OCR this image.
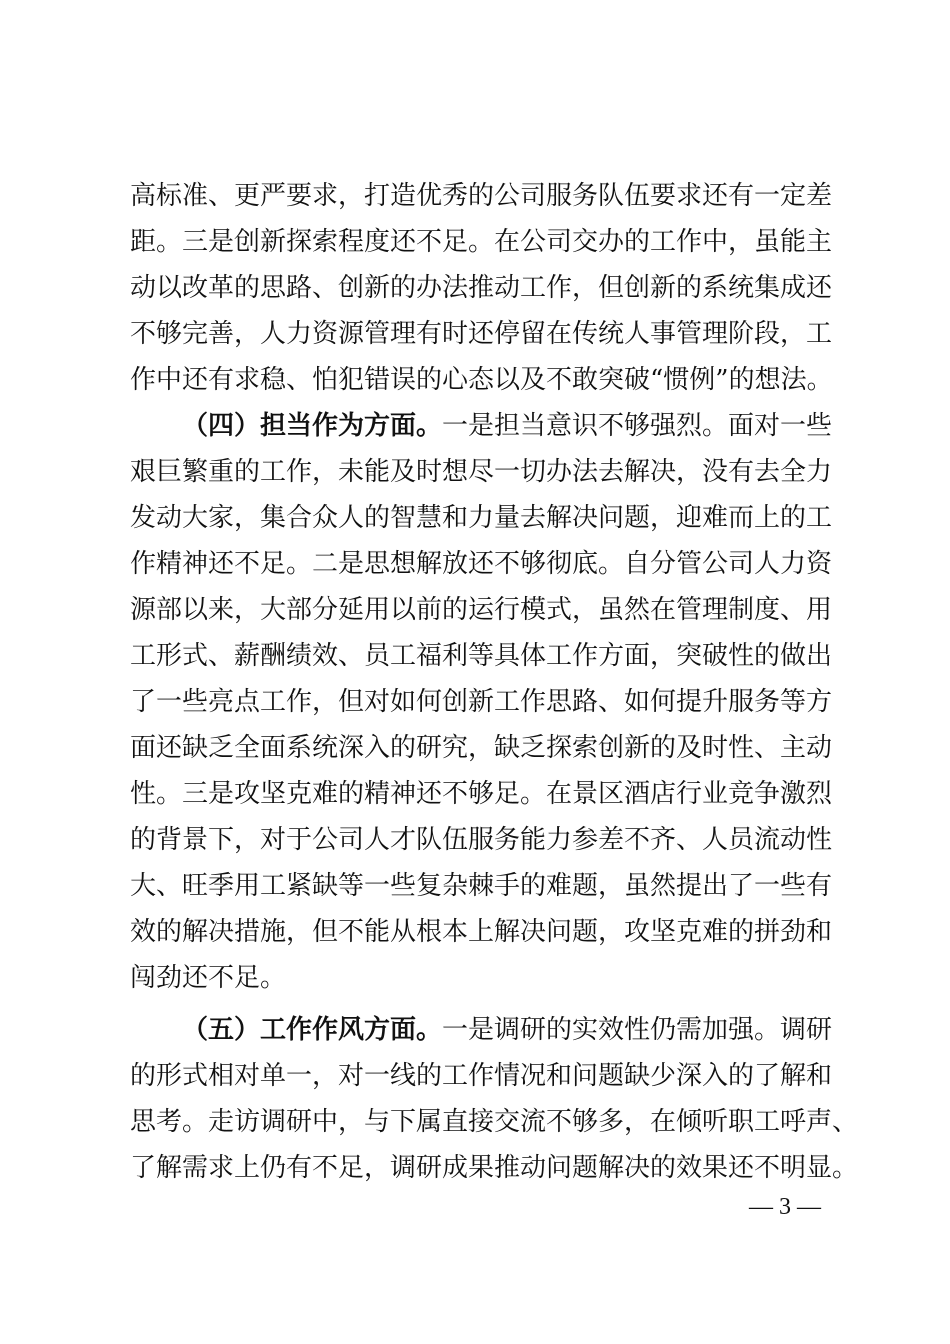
高标准、更严要求，打造优秀的公司服务队伍要求还有一定差
距。三是创新探索程度还不足。在公司交办的工作中，虽能主
动以改革的思路、创新的办法推动工作，但创新的系统集成还
不够完善，人力资源管理有时还停留在传统人事管理阶段，工
作中还有求稳、怕犯错误的心态以及不敢突破“惯例”的想法。
（四）担当作为方面。一是担当意识不够强烈。面对一些
艰巨繁重的工作，未能及时想尽一切办法去解决，没有去全力
发动大家，集合众人的智慧和力量去解决问题，迎难而上的工
作精神还不足。二是思想解放还不够彻底。自分管公司人力资
源部以来，大部分延用以前的运行模式，虽然在管理制度、用
工形式、薪酬绩效、员工福利等具体工作方面，突破性的做出
了一些亮点工作，但对如何创新工作思路、如何提升服务等方
面还缺乏全面系统深入的研究，缺乏探索创新的及时性、主动
性。三是攻坚克难的精神还不够足。在景区酒店行业竞争激烈
的背景下，对于公司人才队伍服务能力参差不齐、人员流动性
大、旺季用工紧缺等一些复杂棘手的难题，虽然提出了一些有
效的解决措施，但不能从根本上解决问题，攻坚克难的拼劲和
闯劲还不足。
（五）工作作风方面。一是调研的实效性仍需加强。调研
的形式相对单一，对一线的工作情况和问题缺少深入的了解和
思考。走访调研中，与下属直接交流不够多，在倾听职工呼声、
了解需求上仍有不足，调研成果推动问题解决的效果还不明显。
— 3 —
